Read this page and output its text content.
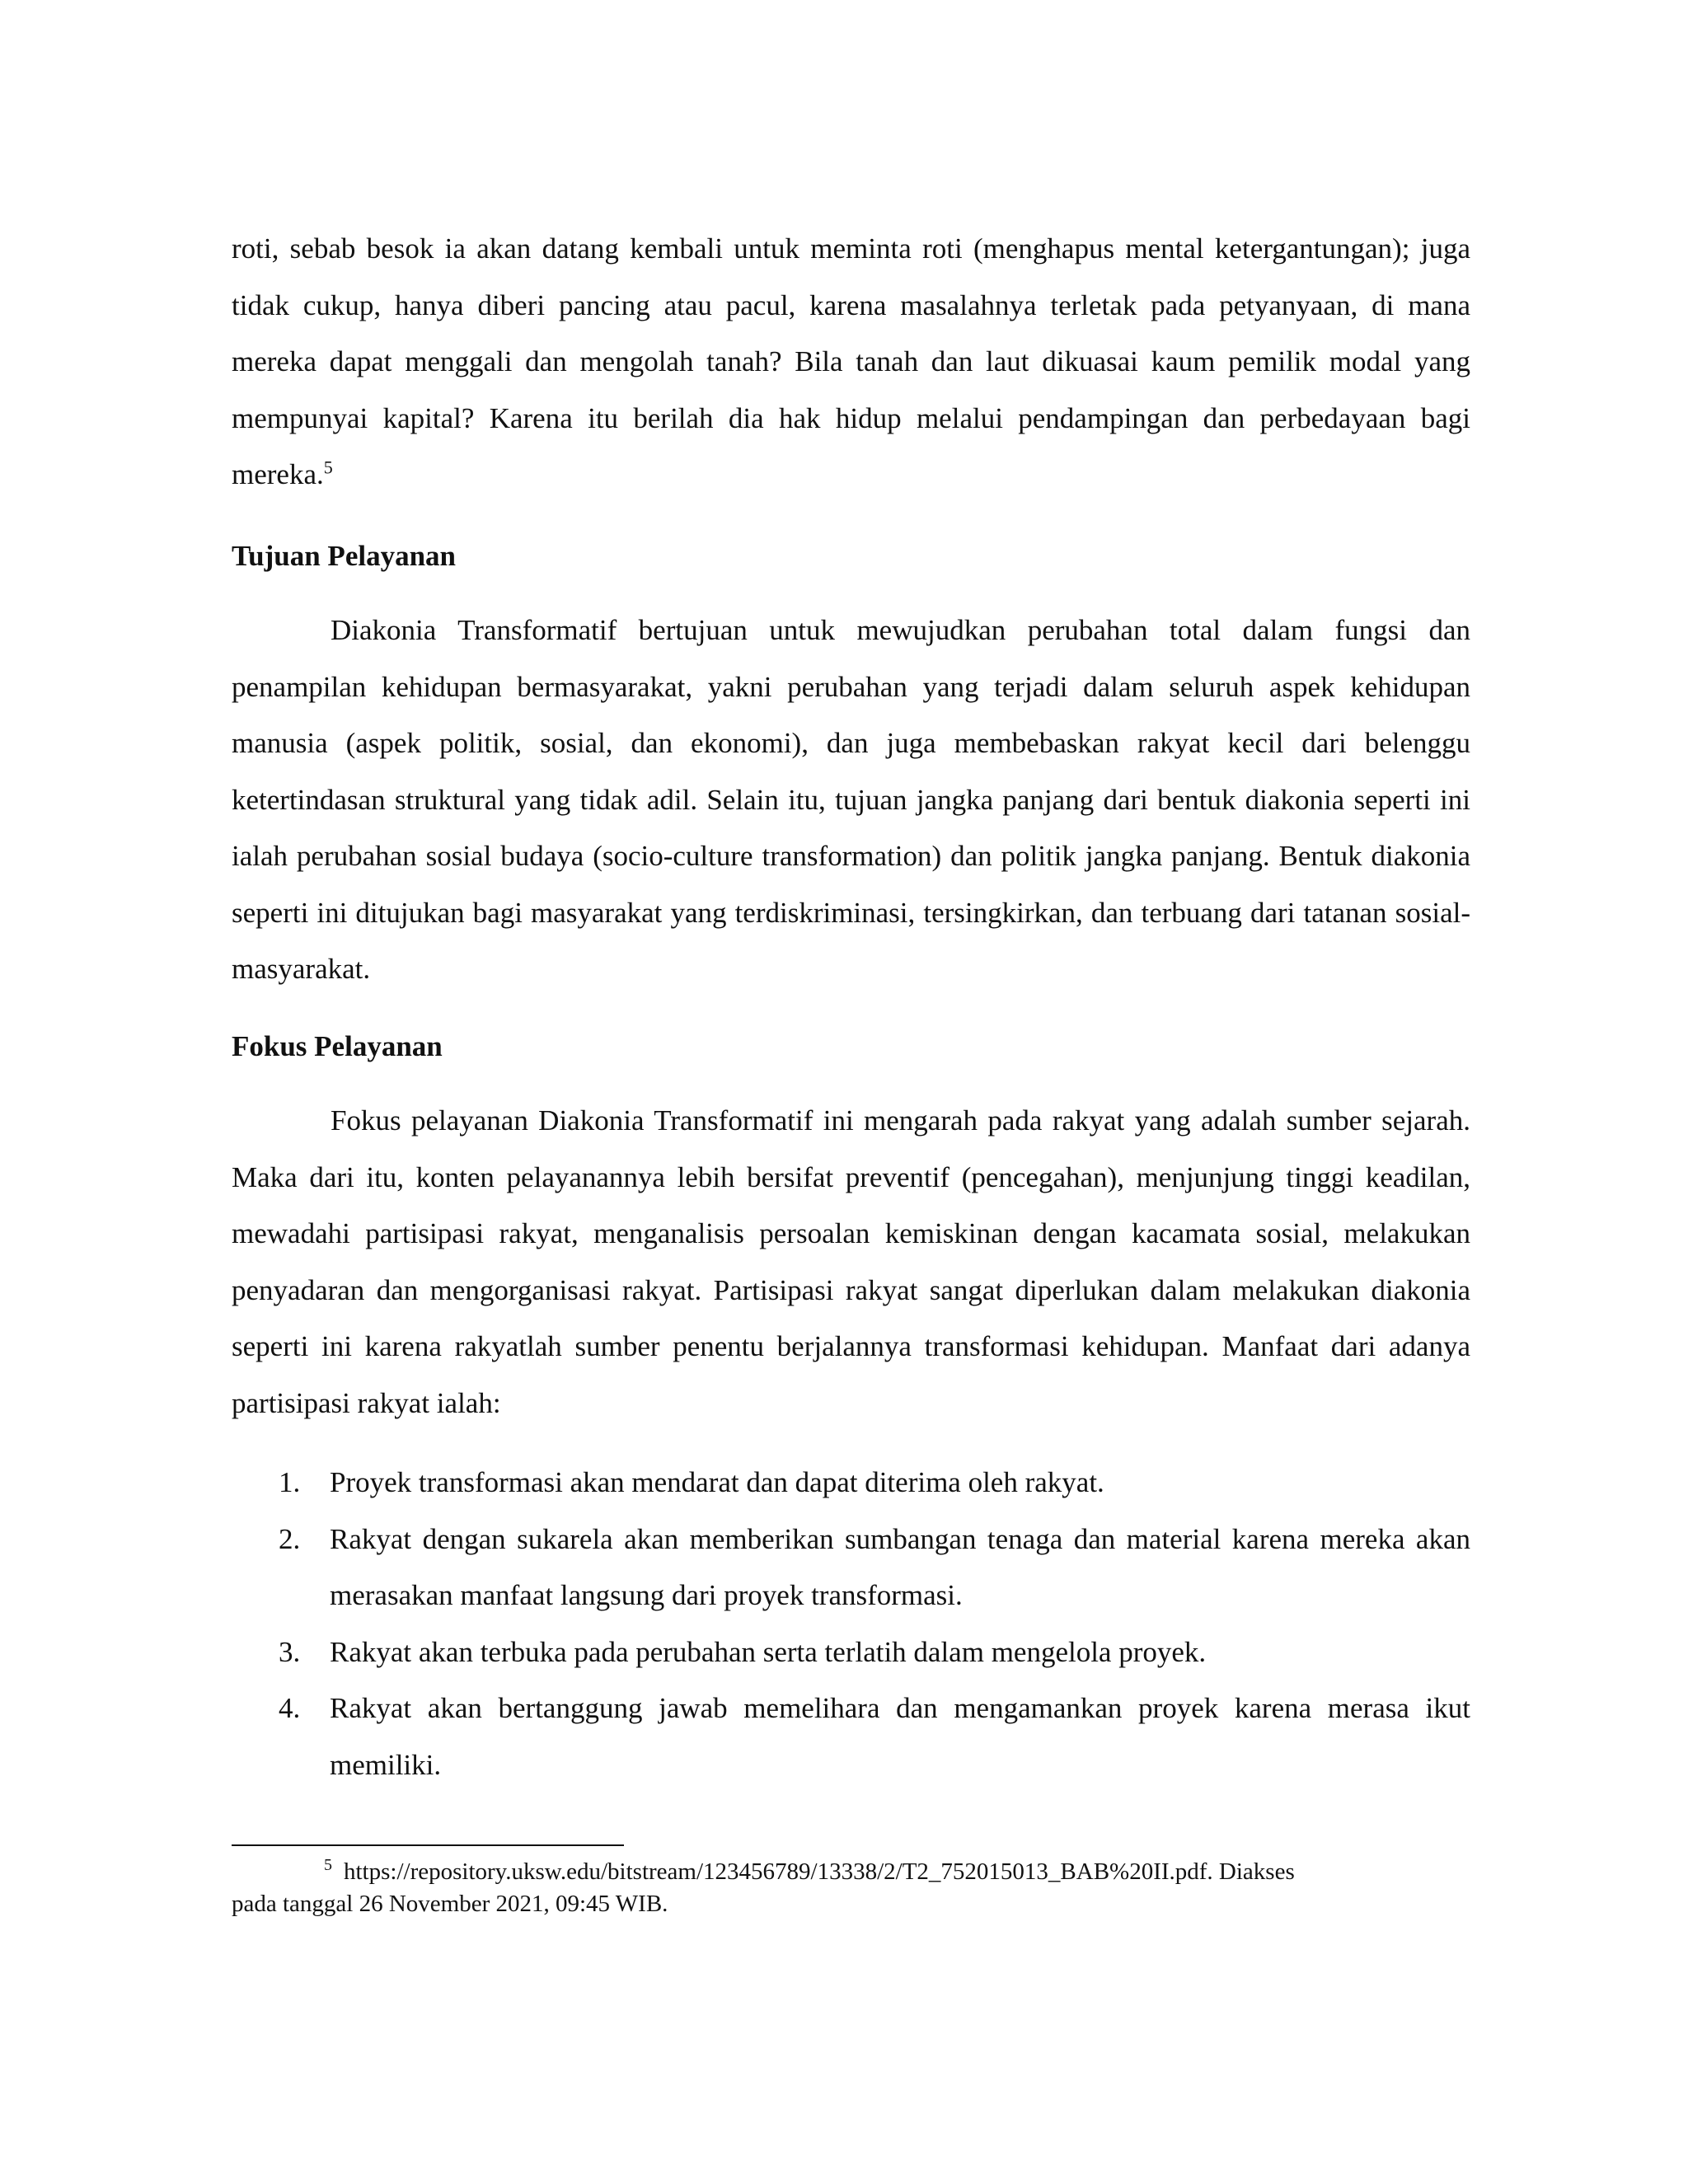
roti, sebab besok ia akan datang kembali untuk meminta roti (menghapus mental ketergantungan); juga tidak cukup, hanya diberi pancing atau pacul, karena masalahnya terletak pada petyanyaan, di mana mereka dapat menggali dan mengolah tanah? Bila tanah dan laut dikuasai kaum pemilik modal yang mempunyai kapital? Karena itu berilah dia hak hidup melalui pendampingan dan perbedayaan bagi mereka.$^5$

Tujuan Pelayanan

Diakonia Transformatif bertujuan untuk mewujudkan perubahan total dalam fungsi dan penampilan kehidupan bermasyarakat, yakni perubahan yang terjadi dalam seluruh aspek kehidupan manusia (aspek politik, sosial, dan ekonomi), dan juga membebaskan rakyat kecil dari belenggu ketertindasan struktural yang tidak adil. Selain itu, tujuan jangka panjang dari bentuk diakonia seperti ini ialah perubahan sosial budaya (socio-culture transformation) dan politik jangka panjang. Bentuk diakonia seperti ini ditujukan bagi masyarakat yang terdiskriminasi, tersingkirkan, dan terbuang dari tatanan sosial-masyarakat.

Fokus Pelayanan

Fokus pelayanan Diakonia Transformatif ini mengarah pada rakyat yang adalah sumber sejarah. Maka dari itu, konten pelayanannya lebih bersifat preventif (pencegahan), menjunjung tinggi keadilan, mewadahi partisipasi rakyat, menganalisis persoalan kemiskinan dengan kacamata sosial, melakukan penyadaran dan mengorganisasi rakyat. Partisipasi rakyat sangat diperlukan dalam melakukan diakonia seperti ini karena rakyatlah sumber penentu berjalannya transformasi kehidupan. Manfaat dari adanya partisipasi rakyat ialah:

1. Proyek transformasi akan mendarat dan dapat diterima oleh rakyat.
2. Rakyat dengan sukarela akan memberikan sumbangan tenaga dan material karena mereka akan merasakan manfaat langsung dari proyek transformasi.
3. Rakyat akan terbuka pada perubahan serta terlatih dalam mengelola proyek.
4. Rakyat akan bertanggung jawab memelihara dan mengamankan proyek karena merasa ikut memiliki.
$^5$ https://repository.uksw.edu/bitstream/123456789/13338/2/T2_752015013_BAB%20II.pdf. Diakses
pada tanggal 26 November 2021, 09:45 WIB.
